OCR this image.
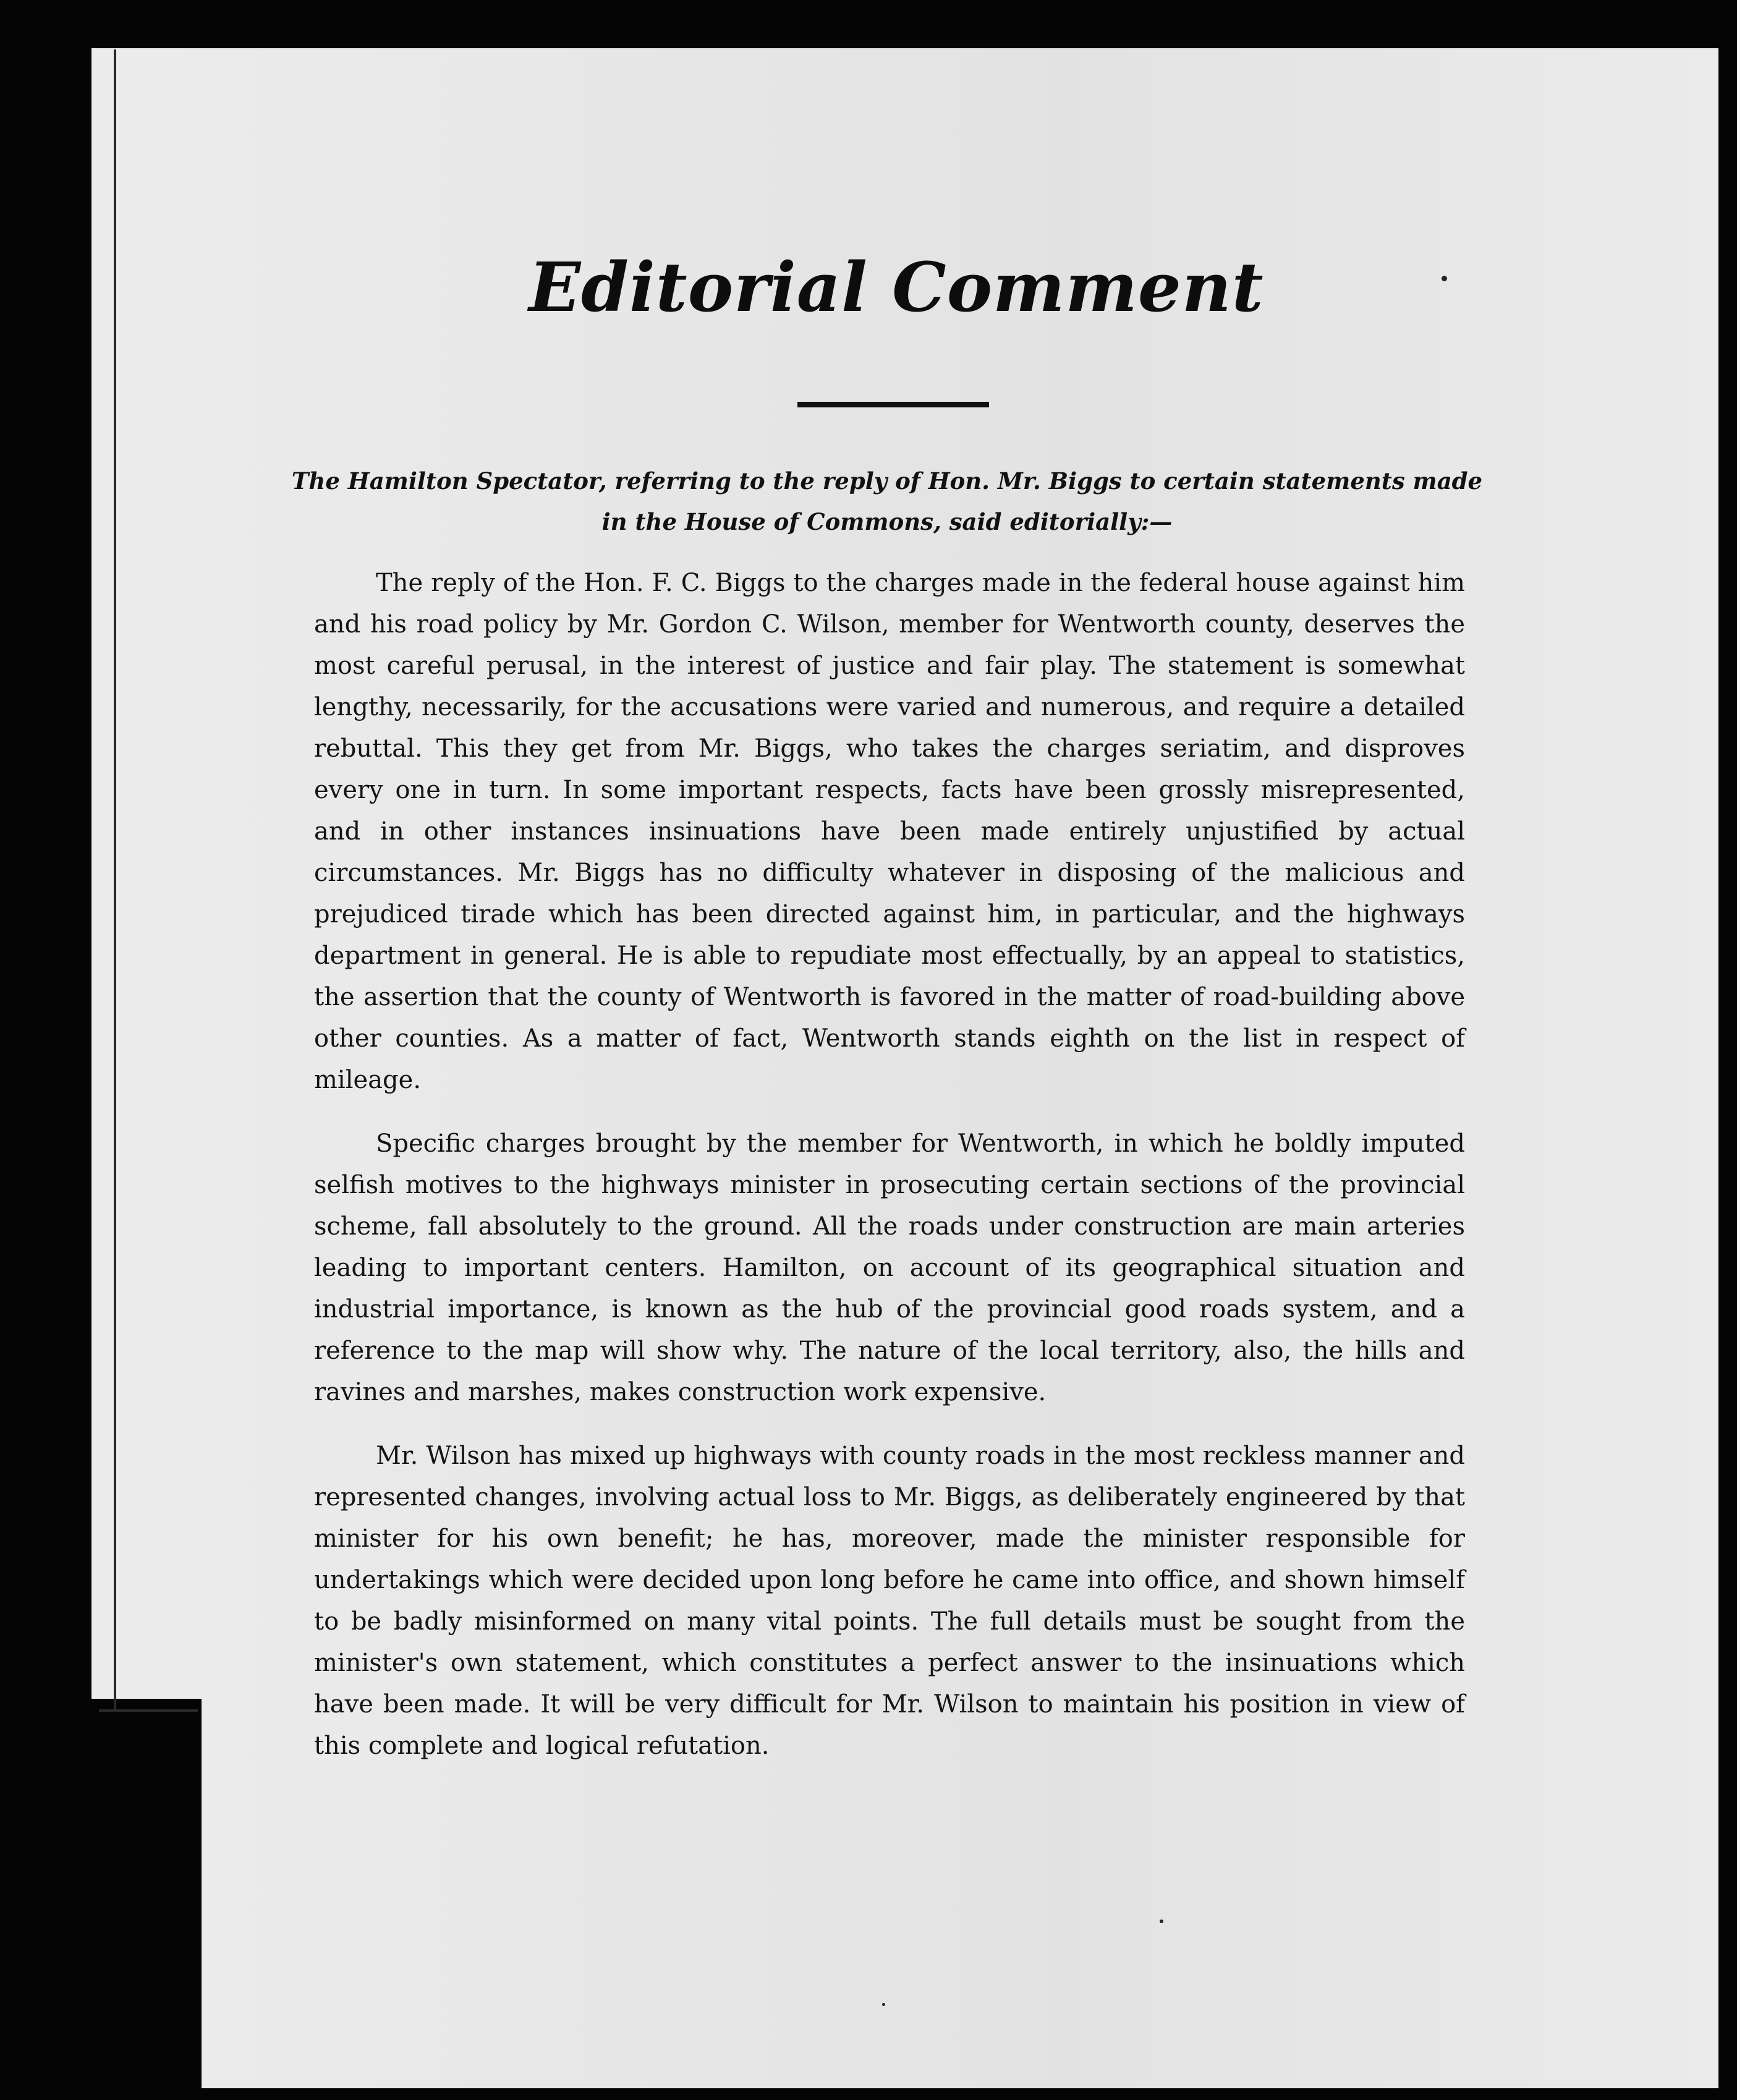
Editorial Comment
The Hamilton Spectator, referring to the reply of Hon. Mr. Biggs to certain statements made in the House of Commons, said editorially:—

The reply of the Hon. F. C. Biggs to the charges made in the federal house against him and his road policy by Mr. Gordon C. Wilson, member for Wentworth county, deserves the most careful perusal, in the interest of justice and fair play. The statement is somewhat lengthy, necessarily, for the accusations were varied and numerous, and require a detailed rebuttal. This they get from Mr. Biggs, who takes the charges seriatim, and disproves every one in turn. In some important respects, facts have been grossly misrepresented, and in other instances insinuations have been made entirely unjustified by actual circumstances. Mr. Biggs has no difficulty whatever in disposing of the malicious and prejudiced tirade which has been directed against him, in particular, and the highways department in general. He is able to repudiate most effectually, by an appeal to statistics, the assertion that the county of Wentworth is favored in the matter of road-building above other counties. As a matter of fact, Wentworth stands eighth on the list in respect of mileage.

Specific charges brought by the member for Wentworth, in which he boldly imputed selfish motives to the highways minister in prosecuting certain sections of the provincial scheme, fall absolutely to the ground. All the roads under construction are main arteries leading to important centers. Hamilton, on account of its geographical situation and industrial importance, is known as the hub of the provincial good roads system, and a reference to the map will show why. The nature of the local territory, also, the hills and ravines and marshes, makes construction work expensive.

Mr. Wilson has mixed up highways with county roads in the most reckless manner and represented changes, involving actual loss to Mr. Biggs, as deliberately engineered by that minister for his own benefit; he has, moreover, made the minister responsible for undertakings which were decided upon long before he came into office, and shown himself to be badly misinformed on many vital points. The full details must be sought from the minister's own statement, which constitutes a perfect answer to the insinuations which have been made. It will be very difficult for Mr. Wilson to maintain his position in view of this complete and logical refutation.
